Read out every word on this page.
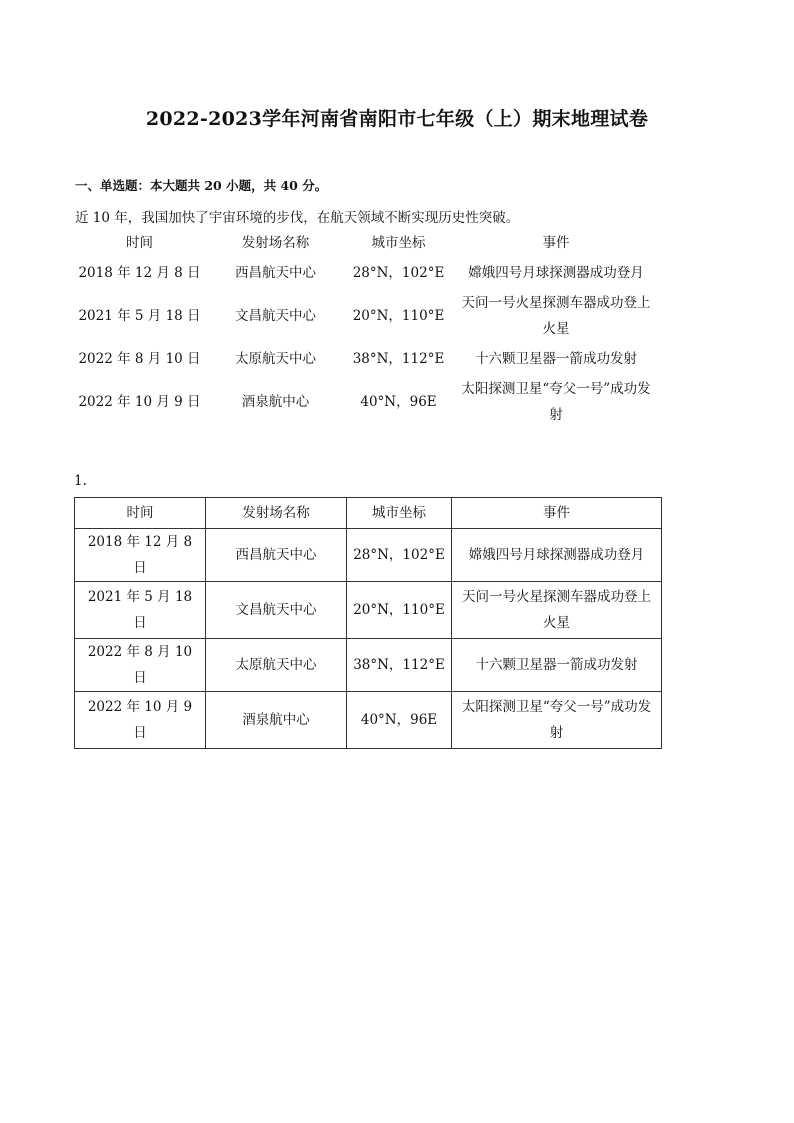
2022-2023学年河南省南阳市七年级（上）期末地理试卷
一、单选题：本大题共 20 小题，共 40 分。
近 10 年，我国加快了宇宙环境的步伐，在航天领域不断实现历史性突破。
时间	发射场名称	城市坐标	事件
2018 年 12 月 8 日	西昌航天中心	28°N，102°E	嫦娥四号月球探测器成功登月
2021 年 5 月 18 日	文昌航天中心	20°N，110°E	天问一号火星探测车器成功登上火星
2022 年 8 月 10 日	太原航天中心	38°N，112°E	十六颗卫星器一箭成功发射
2022 年 10 月 9 日	酒泉航中心	40°N，96E	太阳探测卫星“夸父一号”成功发射
1.
时间	发射场名称	城市坐标	事件
2018 年 12 月 8 日	西昌航天中心	28°N，102°E	嫦娥四号月球探测器成功登月
2021 年 5 月 18 日	文昌航天中心	20°N，110°E	天问一号火星探测车器成功登上火星
2022 年 8 月 10 日	太原航天中心	38°N，112°E	十六颗卫星器一箭成功发射
2022 年 10 月 9 日	酒泉航中心	40°N，96E	太阳探测卫星“夸父一号”成功发射
